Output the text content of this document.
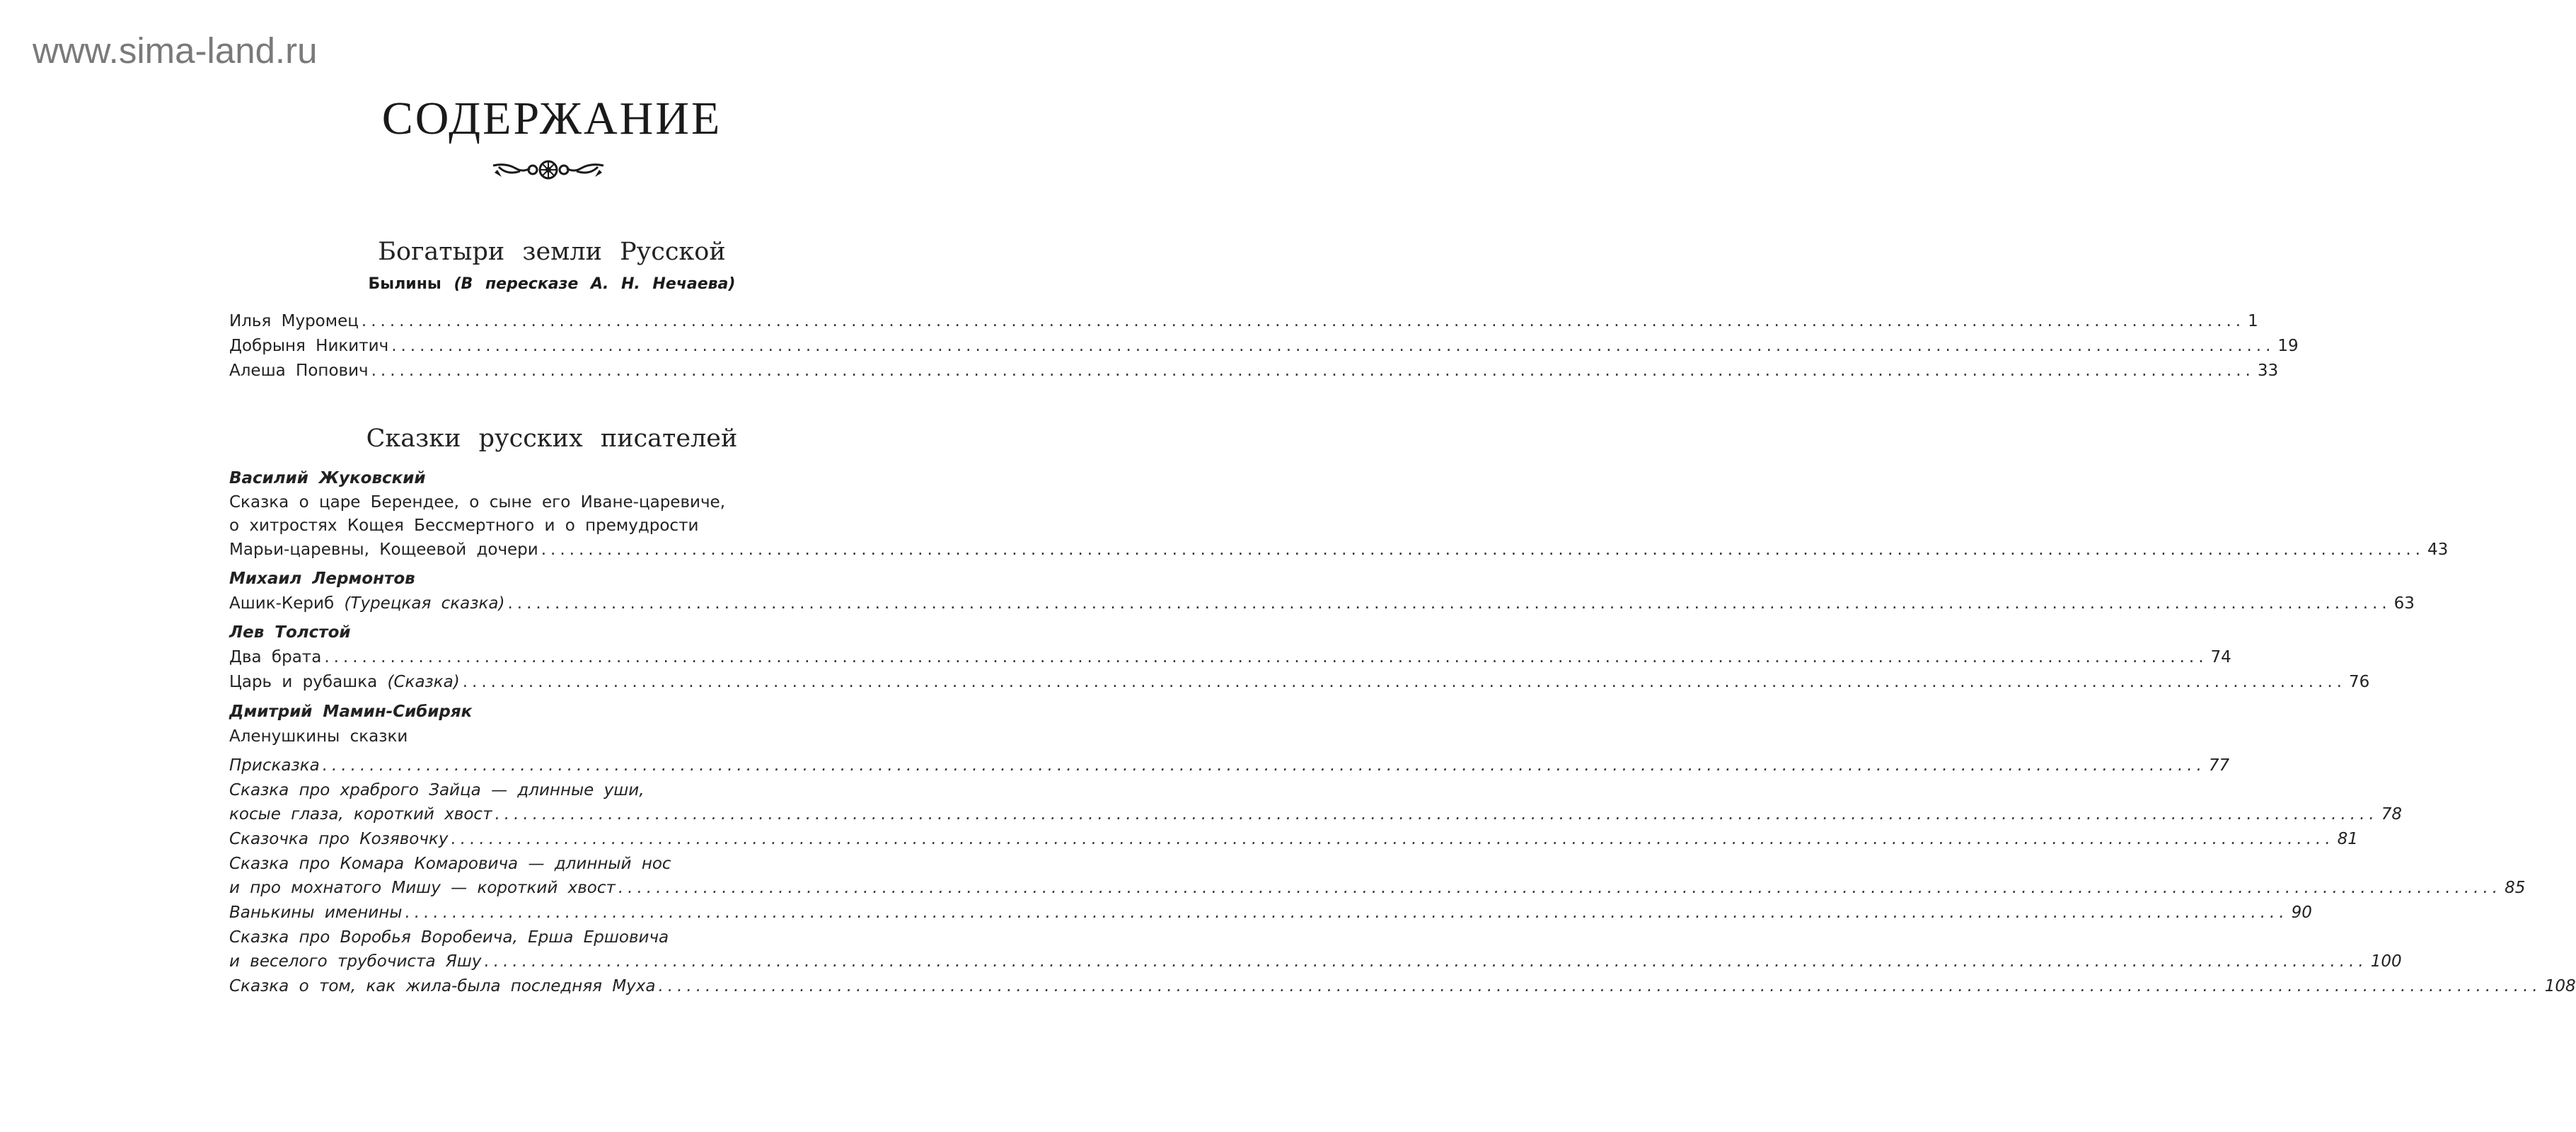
www.sima-land.ru
СОДЕРЖАНИЕ
Богатыри земли Русской
Былины (В пересказе А. Н. Нечаева)
Илья Муромец ........................................................................................................................................................................................................ 1
Добрыня Никитич ........................................................................................................................................................................................................ 19
Алеша Попович ........................................................................................................................................................................................................ 33
Сказки русских писателей
Василий Жуковский
Сказка о царе Берендее, о сыне его Иване-царевиче,
о хитростях Кощея Бессмертного и о премудрости
Марьи-царевны, Кощеевой дочери ........................................................................................................................................................................................................ 43
Михаил Лермонтов
Ашик-Кериб (Турецкая сказка) ........................................................................................................................................................................................................ 63
Лев Толстой
Два брата ........................................................................................................................................................................................................ 74
Царь и рубашка (Сказка) ........................................................................................................................................................................................................ 76
Дмитрий Мамин-Сибиряк
Аленушкины сказки
Присказка ........................................................................................................................................................................................................ 77
Сказка про храброго Зайца — длинные уши,
косые глаза, короткий хвост ........................................................................................................................................................................................................ 78
Сказочка про Козявочку ........................................................................................................................................................................................................ 81
Сказка про Комара Комаровича — длинный нос
и про мохнатого Мишу — короткий хвост ........................................................................................................................................................................................................ 85
Ванькины именины ........................................................................................................................................................................................................ 90
Сказка про Воробья Воробеича, Ерша Ершовича
и веселого трубочиста Яшу ........................................................................................................................................................................................................ 100
Сказка о том, как жила-была последняя Муха ........................................................................................................................................................................................................ 108
